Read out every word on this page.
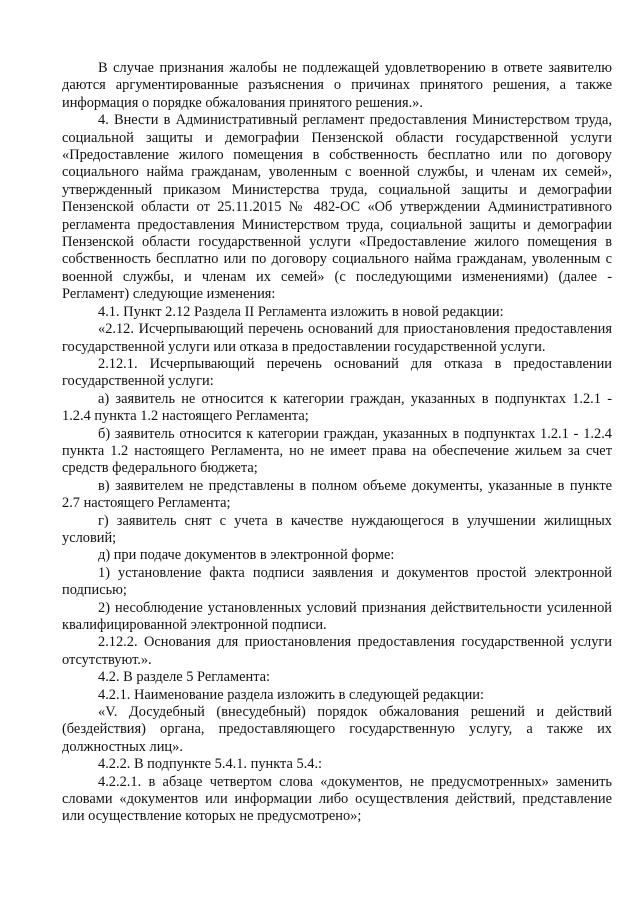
В случае признания жалобы не подлежащей удовлетворению в ответе заявителю даются аргументированные разъяснения о причинах принятого решения, а также информация о порядке обжалования принятого решения.».

4. Внести в Административный регламент предоставления Министерством труда, социальной защиты и демографии Пензенской области государственной услуги «Предоставление жилого помещения в собственность бесплатно или по договору социального найма гражданам, уволенным с военной службы, и членам их семей», утвержденный приказом Министерства труда, социальной защиты и демографии Пензенской области от 25.11.2015 № 482-ОС «Об утверждении Административного регламента предоставления Министерством труда, социальной защиты и демографии Пензенской области государственной услуги «Предоставление жилого помещения в собственность бесплатно или по договору социального найма гражданам, уволенным с военной службы, и членам их семей» (с последующими изменениями) (далее - Регламент) следующие изменения:

4.1. Пункт 2.12 Раздела II Регламента изложить в новой редакции:

«2.12. Исчерпывающий перечень оснований для приостановления предоставления государственной услуги или отказа в предоставлении государственной услуги.

2.12.1. Исчерпывающий перечень оснований для отказа в предоставлении государственной услуги:

а) заявитель не относится к категории граждан, указанных в подпунктах 1.2.1 - 1.2.4 пункта 1.2 настоящего Регламента;

б) заявитель относится к категории граждан, указанных в подпунктах 1.2.1 - 1.2.4 пункта 1.2 настоящего Регламента, но не имеет права на обеспечение жильем за счет средств федерального бюджета;

в) заявителем не представлены в полном объеме документы, указанные в пункте 2.7 настоящего Регламента;

г) заявитель снят с учета в качестве нуждающегося в улучшении жилищных условий;

д) при подаче документов в электронной форме:

1) установление факта подписи заявления и документов простой электронной подписью;

2) несоблюдение установленных условий признания действительности усиленной квалифицированной электронной подписи.

2.12.2. Основания для приостановления предоставления государственной услуги отсутствуют.».

4.2. В разделе 5 Регламента:

4.2.1. Наименование раздела изложить в следующей редакции:

«V. Досудебный (внесудебный) порядок обжалования решений и действий (бездействия) органа, предоставляющего государственную услугу, а также их должностных лиц».

4.2.2. В подпункте 5.4.1. пункта 5.4.:

4.2.2.1. в абзаце четвертом слова «документов, не предусмотренных» заменить словами «документов или информации либо осуществления действий, представление или осуществление которых не предусмотрено»;
